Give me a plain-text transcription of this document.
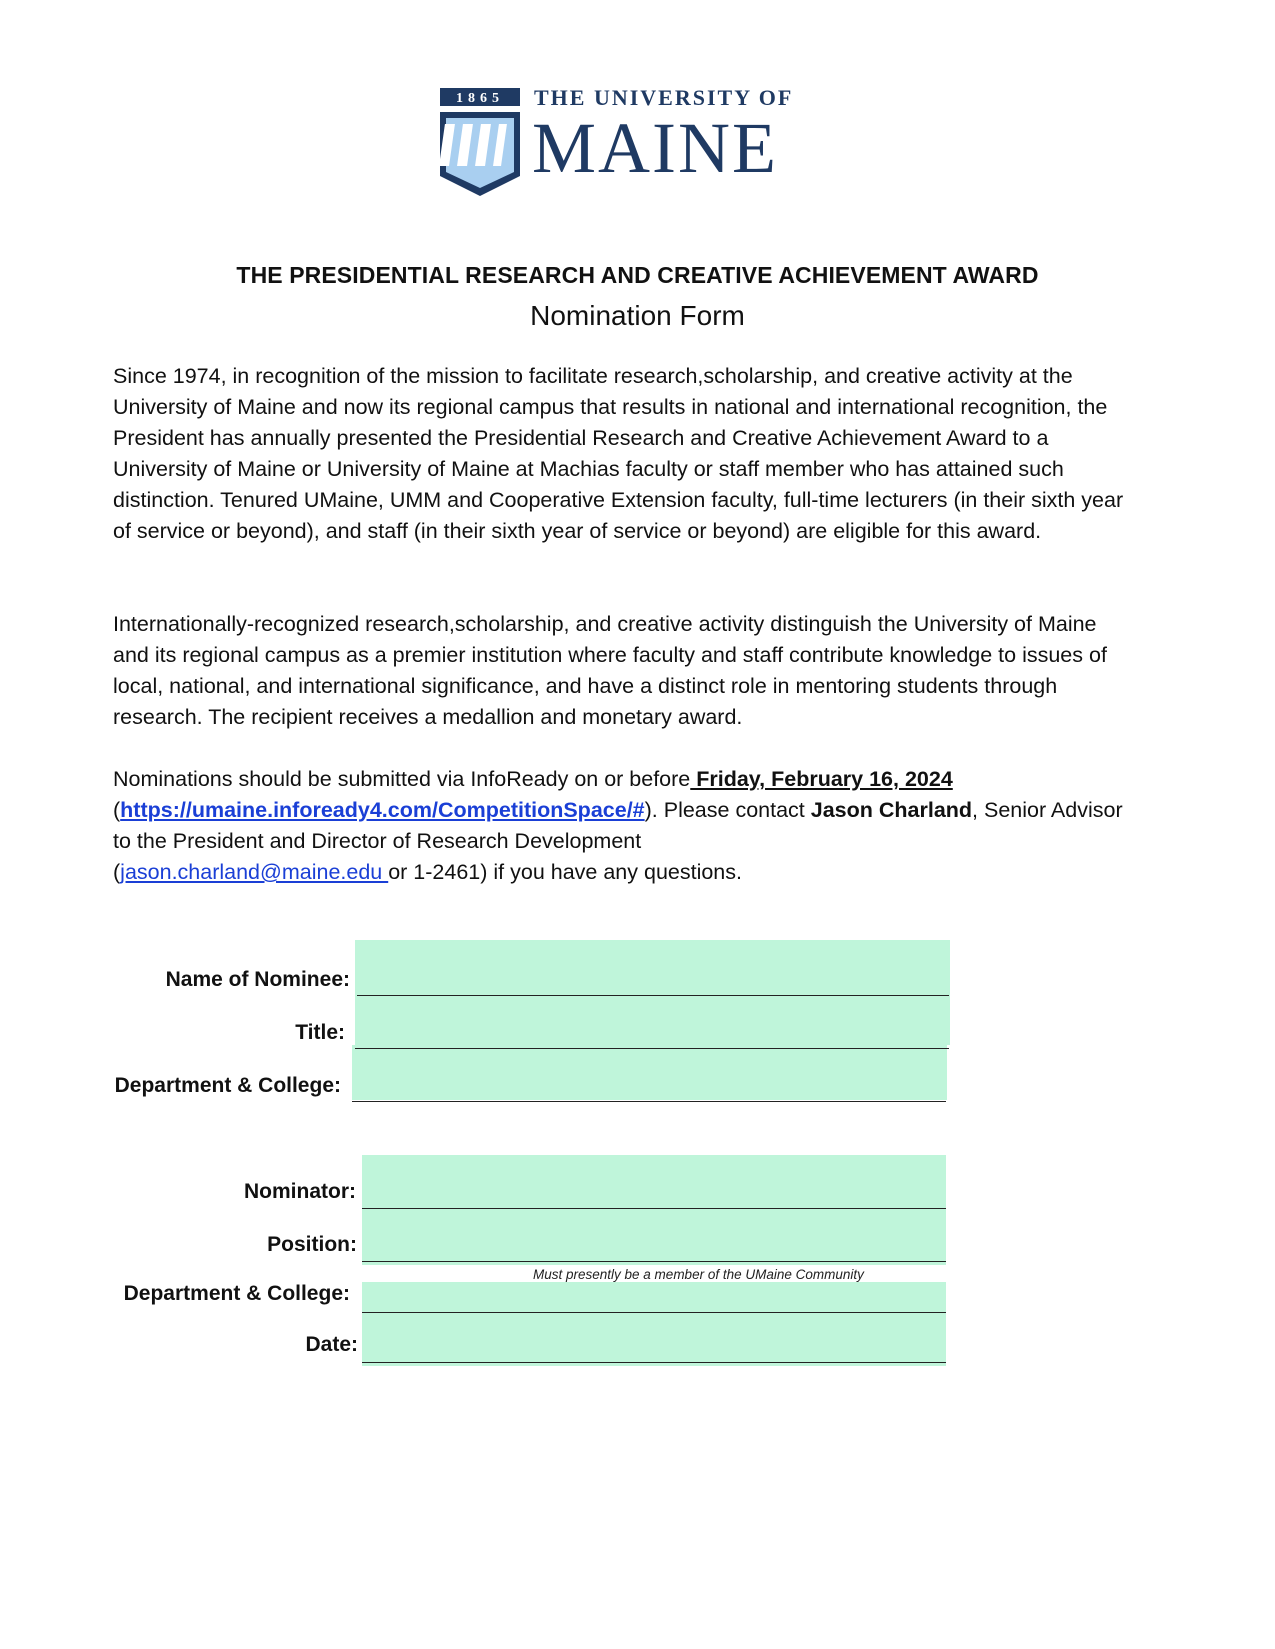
1865 THE UNIVERSITY OF
MAINE
THE PRESIDENTIAL RESEARCH AND CREATIVE ACHIEVEMENT AWARD
Nomination Form
Since 1974, in recognition of the mission to facilitate research,scholarship, and creative activity at the University of Maine and now its regional campus that results in national and international recognition, the President has annually presented the Presidential Research and Creative Achievement Award to a University of Maine or University of Maine at Machias faculty or staff member who has attained such distinction. Tenured UMaine, UMM and Cooperative Extension faculty, full-time lecturers (in their sixth year of service or beyond), and staff (in their sixth year of service or beyond) are eligible for this award.
Internationally-recognized research,scholarship, and creative activity distinguish the University of Maine and its regional campus as a premier institution where faculty and staff contribute knowledge to issues of local, national, and international significance, and have a distinct role in mentoring students through research. The recipient receives a medallion and monetary award.
Nominations should be submitted via InfoReady on or before Friday, February 16, 2024
(https://umaine.infoready4.com/CompetitionSpace/#). Please contact Jason Charland, Senior Advisor to the President and Director of Research Development
(jason.charland@maine.edu or 1-2461) if you have any questions.
Name of Nominee:
Title:
Department & College:
Nominator:
Position:
Must presently be a member of the UMaine Community
Department & College:
Date:
